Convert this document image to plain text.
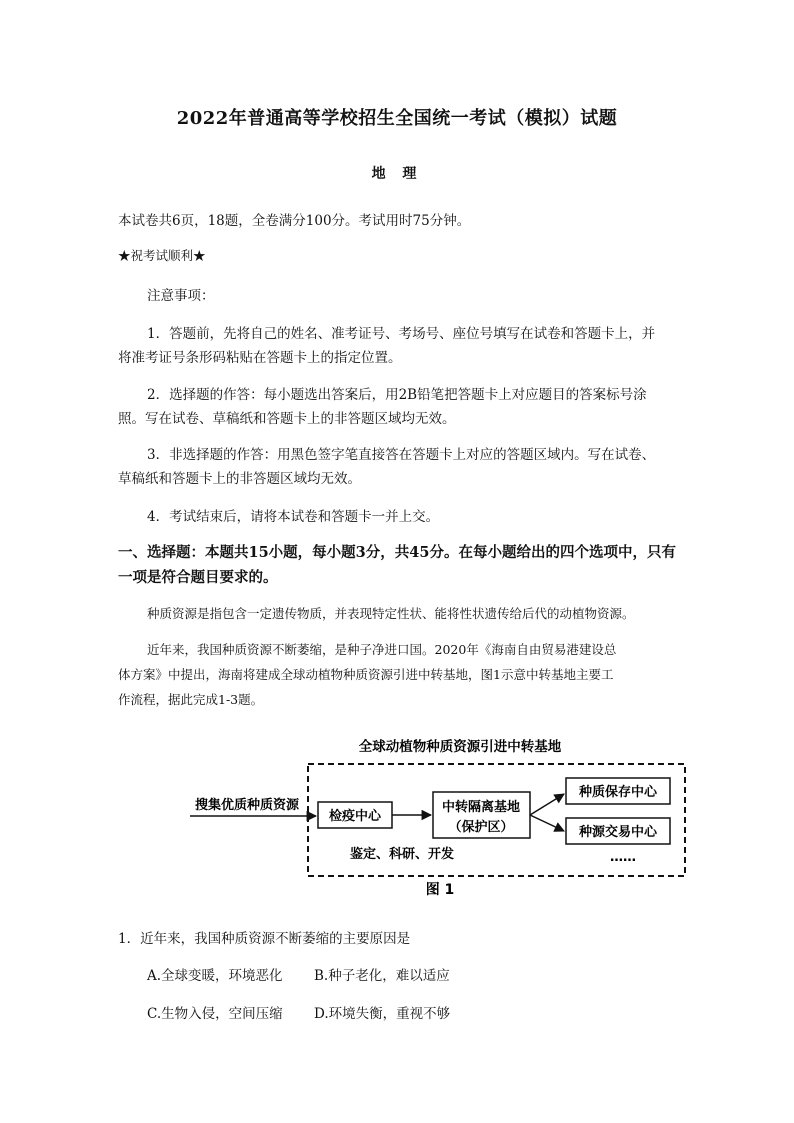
2022年普通高等学校招生全国统一考试（模拟）试题
地 理
本试卷共6页，18题，全卷满分100分。考试用时75分钟。
★祝考试顺利★
注意事项：
1．答题前，先将自己的姓名、准考证号、考场号、座位号填写在试卷和答题卡上，并
将准考证号条形码粘贴在答题卡上的指定位置。
2．选择题的作答：每小题选出答案后，用2B铅笔把答题卡上对应题目的答案标号涂
照。写在试卷、草稿纸和答题卡上的非答题区域均无效。
3．非选择题的作答：用黑色签字笔直接答在答题卡上对应的答题区域内。写在试卷、
草稿纸和答题卡上的非答题区域均无效。
4．考试结束后，请将本试卷和答题卡一并上交。
一、选择题：本题共15小题，每小题3分，共45分。在每小题给出的四个选项中，只有
一项是符合题目要求的。
种质资源是指包含一定遗传物质，并表现特定性状、能将性状遗传给后代的动植物资源。
近年来，我国种质资源不断萎缩，是种子净进口国。2020年《海南自由贸易港建设总
体方案》中提出，海南将建成全球动植物种质资源引进中转基地，图1示意中转基地主要工
作流程，据此完成1-3题。
全球动植物种质资源引进中转基地
搜集优质种质资源
检疫中心
中转隔离基地
（保护区）
种质保存中心
种源交易中心
鉴定、科研、开发	……
图 1
1．近年来，我国种质资源不断萎缩的主要原因是
A.全球变暖，环境恶化 B.种子老化，难以适应
C.生物入侵，空间压缩 D.环境失衡，重视不够
